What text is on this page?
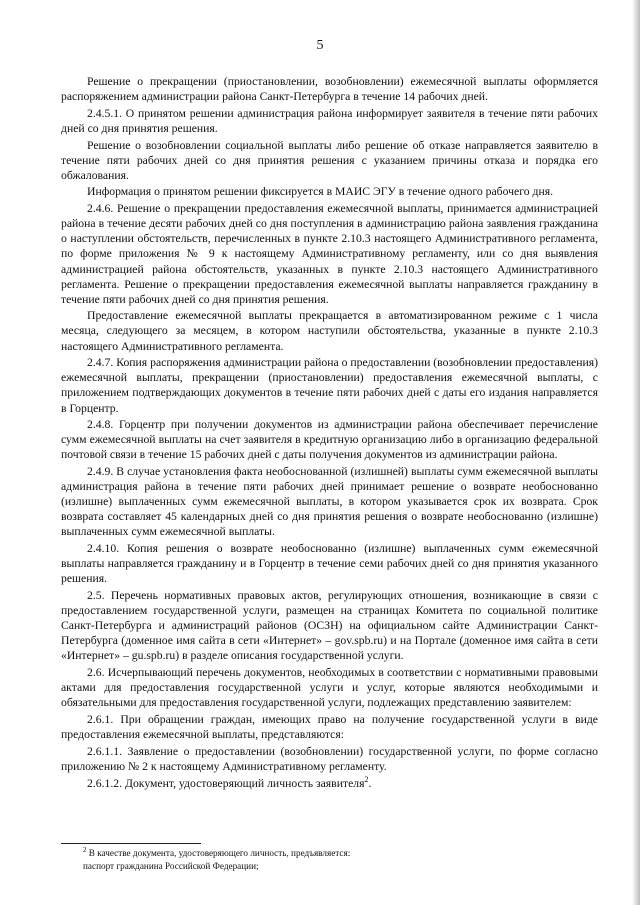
5

Решение о прекращении (приостановлении, возобновлении) ежемесячной выплаты оформляется распоряжением администрации района Санкт-Петербурга в течение 14 рабочих дней.

2.4.5.1. О принятом решении администрация района информирует заявителя в течение пяти рабочих дней со дня принятия решения.

Решение о возобновлении социальной выплаты либо решение об отказе направляется заявителю в течение пяти рабочих дней со дня принятия решения с указанием причины отказа и порядка его обжалования.

Информация о принятом решении фиксируется в МАИС ЭГУ в течение одного рабочего дня.

2.4.6. Решение о прекращении предоставления ежемесячной выплаты, принимается администрацией района в течение десяти рабочих дней со дня поступления в администрацию района заявления гражданина о наступлении обстоятельств, перечисленных в пункте 2.10.3 настоящего Административного регламента, по форме приложения № 9 к настоящему Административному регламенту, или со дня выявления администрацией района обстоятельств, указанных в пункте 2.10.3 настоящего Административного регламента. Решение о прекращении предоставления ежемесячной выплаты направляется гражданину в течение пяти рабочих дней со дня принятия решения.

Предоставление ежемесячной выплаты прекращается в автоматизированном режиме с 1 числа месяца, следующего за месяцем, в котором наступили обстоятельства, указанные в пункте 2.10.3 настоящего Административного регламента.

2.4.7. Копия распоряжения администрации района о предоставлении (возобновлении предоставления) ежемесячной выплаты, прекращении (приостановлении) предоставления ежемесячной выплаты, с приложением подтверждающих документов в течение пяти рабочих дней с даты его издания направляется в Горцентр.

2.4.8. Горцентр при получении документов из администрации района обеспечивает перечисление сумм ежемесячной выплаты на счет заявителя в кредитную организацию либо в организацию федеральной почтовой связи в течение 15 рабочих дней с даты получения документов из администрации района.

2.4.9. В случае установления факта необоснованной (излишней) выплаты сумм ежемесячной выплаты администрация района в течение пяти рабочих дней принимает решение о возврате необоснованно (излишне) выплаченных сумм ежемесячной выплаты, в котором указывается срок их возврата. Срок возврата составляет 45 календарных дней со дня принятия решения о возврате необоснованно (излишне) выплаченных сумм ежемесячной выплаты.

2.4.10. Копия решения о возврате необоснованно (излишне) выплаченных сумм ежемесячной выплаты направляется гражданину и в Горцентр в течение семи рабочих дней со дня принятия указанного решения.

2.5. Перечень нормативных правовых актов, регулирующих отношения, возникающие в связи с предоставлением государственной услуги, размещен на страницах Комитета по социальной политике Санкт-Петербурга и администраций районов (ОСЗН) на официальном сайте Администрации Санкт-Петербурга (доменное имя сайта в сети «Интернет» – gov.spb.ru) и на Портале (доменное имя сайта в сети «Интернет» – gu.spb.ru) в разделе описания государственной услуги.

2.6. Исчерпывающий перечень документов, необходимых в соответствии с нормативными правовыми актами для предоставления государственной услуги и услуг, которые являются необходимыми и обязательными для предоставления государственной услуги, подлежащих представлению заявителем:

2.6.1. При обращении граждан, имеющих право на получение государственной услуги в виде предоставления ежемесячной выплаты, представляются:

2.6.1.1. Заявление о предоставлении (возобновлении) государственной услуги, по форме согласно приложению № 2 к настоящему Административному регламенту.

2.6.1.2. Документ, удостоверяющий личность заявителя$^2$.

$^2$ В качестве документа, удостоверяющего личность, предъявляется:

паспорт гражданина Российской Федерации;
